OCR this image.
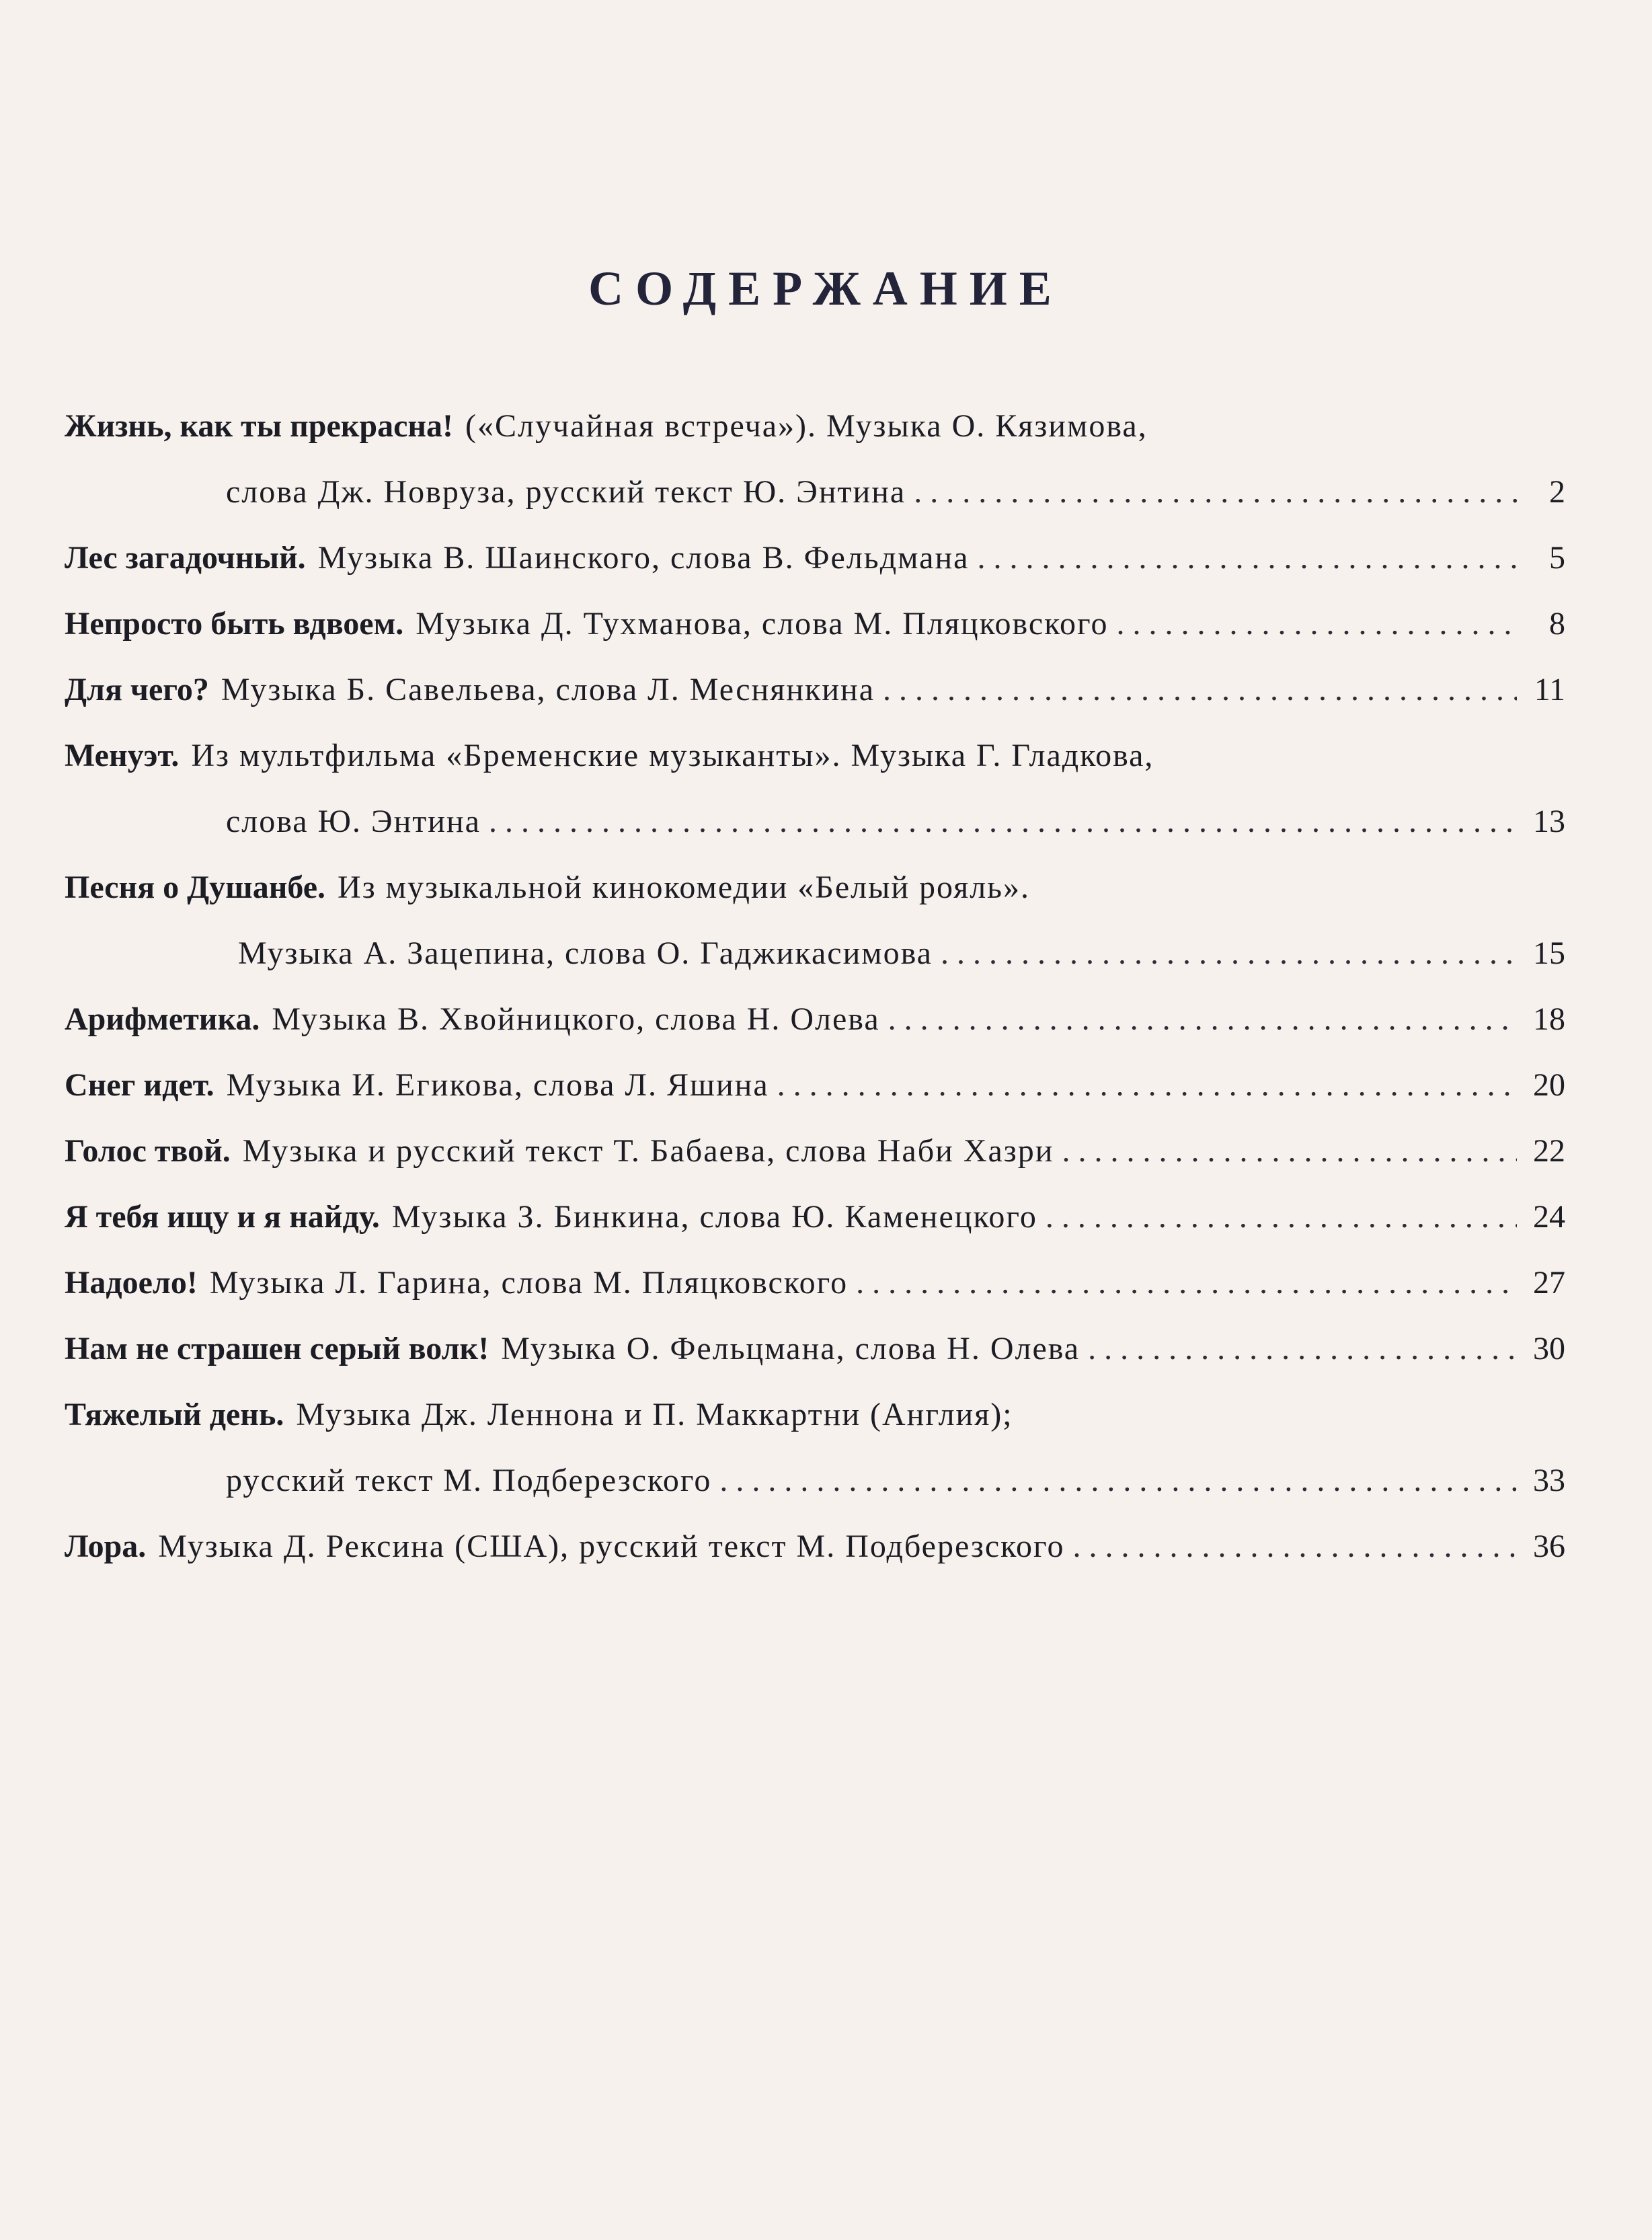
СОДЕРЖАНИЕ
Жизнь, как ты прекрасна! («Случайная встреча»). Музыка О. Кязимова,
слова Дж. Новруза, русский текст Ю. Энтина . . .	2
Лес загадочный. Музыка В. Шаинского, слова В. Фельдмана . . .	5
Непросто быть вдвоем. Музыка Д. Тухманова, слова М. Пляцковского . . .	8
Для чего? Музыка Б. Савельева, слова Л. Меснянкина . . .	11
Менуэт. Из мультфильма «Бременские музыканты». Музыка Г. Гладкова,
слова Ю. Энтина . . .	13
Песня о Душанбе. Из музыкальной кинокомедии «Белый рояль».
Музыка А. Зацепина, слова О. Гаджикасимова . . .	15
Арифметика. Музыка В. Хвойницкого, слова Н. Олева . . .	18
Снег идет. Музыка И. Егикова, слова Л. Яшина . . .	20
Голос твой. Музыка и русский текст Т. Бабаева, слова Наби Хазри . . .	22
Я тебя ищу и я найду. Музыка З. Бинкина, слова Ю. Каменецкого . . .	24
Надоело! Музыка Л. Гарина, слова М. Пляцковского . . .	27
Нам не страшен серый волк! Музыка О. Фельцмана, слова Н. Олева . . .	30
Тяжелый день. Музыка Дж. Леннона и П. Маккартни (Англия);
русский текст М. Подберезского . . .	33
Лора. Музыка Д. Рексина (США), русский текст М. Подберезского . . .	36
